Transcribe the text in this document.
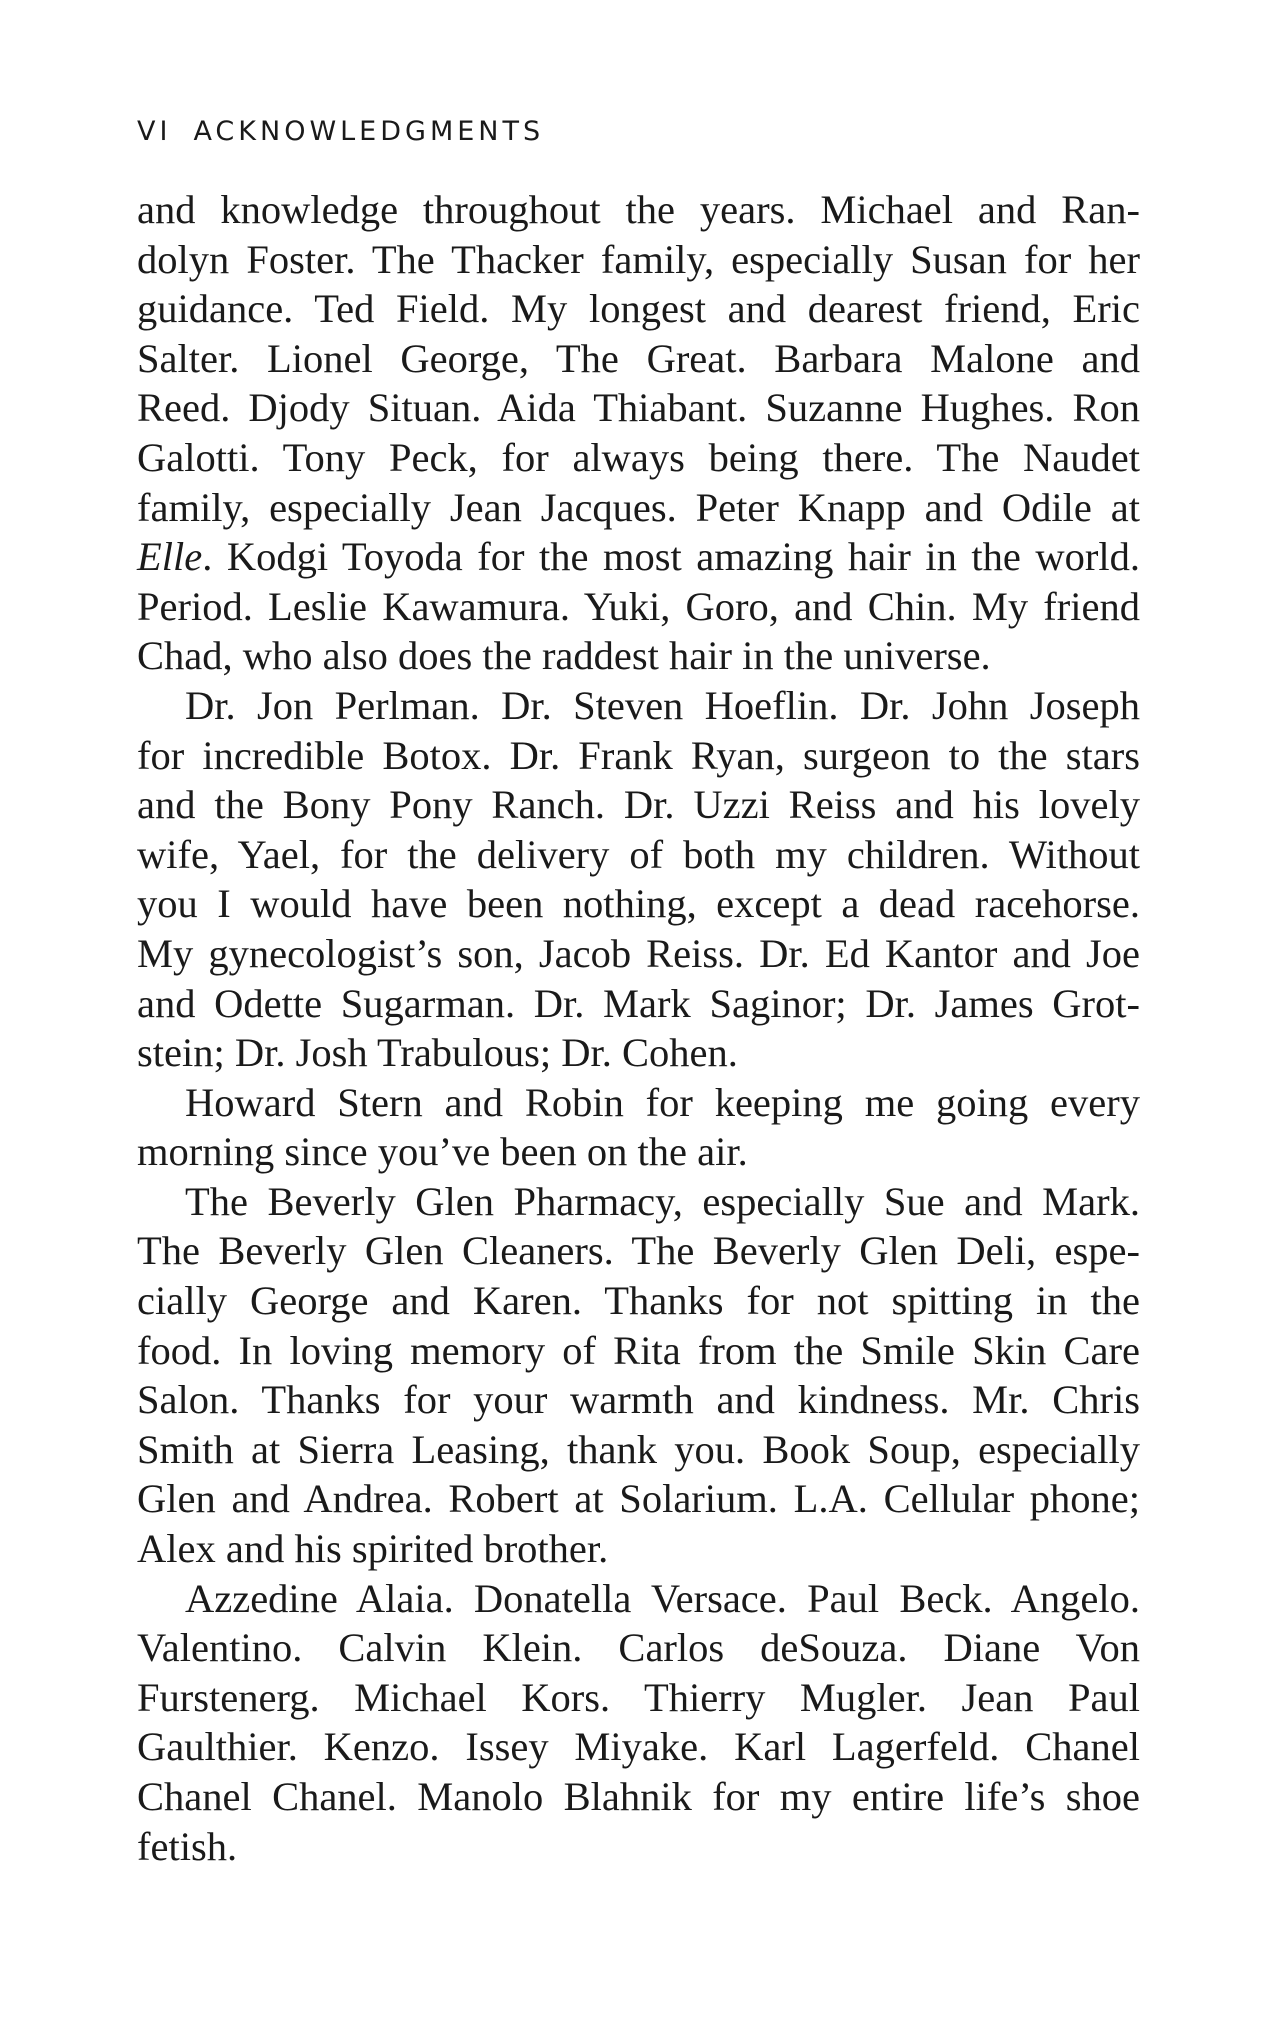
VI ACKNOWLEDGMENTS
and knowledge throughout the years. Michael and Ran-
dolyn Foster. The Thacker family, especially Susan for her
guidance. Ted Field. My longest and dearest friend, Eric
Salter. Lionel George, The Great. Barbara Malone and
Reed. Djody Situan. Aida Thiabant. Suzanne Hughes. Ron
Galotti. Tony Peck, for always being there. The Naudet
family, especially Jean Jacques. Peter Knapp and Odile at
Elle. Kodgi Toyoda for the most amazing hair in the world.
Period. Leslie Kawamura. Yuki, Goro, and Chin. My friend
Chad, who also does the raddest hair in the universe.
Dr. Jon Perlman. Dr. Steven Hoeflin. Dr. John Joseph
for incredible Botox. Dr. Frank Ryan, surgeon to the stars
and the Bony Pony Ranch. Dr. Uzzi Reiss and his lovely
wife, Yael, for the delivery of both my children. Without
you I would have been nothing, except a dead racehorse.
My gynecologist’s son, Jacob Reiss. Dr. Ed Kantor and Joe
and Odette Sugarman. Dr. Mark Saginor; Dr. James Grot-
stein; Dr. Josh Trabulous; Dr. Cohen.
Howard Stern and Robin for keeping me going every
morning since you’ve been on the air.
The Beverly Glen Pharmacy, especially Sue and Mark.
The Beverly Glen Cleaners. The Beverly Glen Deli, espe-
cially George and Karen. Thanks for not spitting in the
food. In loving memory of Rita from the Smile Skin Care
Salon. Thanks for your warmth and kindness. Mr. Chris
Smith at Sierra Leasing, thank you. Book Soup, especially
Glen and Andrea. Robert at Solarium. L.A. Cellular phone;
Alex and his spirited brother.
Azzedine Alaia. Donatella Versace. Paul Beck. Angelo.
Valentino. Calvin Klein. Carlos deSouza. Diane Von
Furstenerg. Michael Kors. Thierry Mugler. Jean Paul
Gaulthier. Kenzo. Issey Miyake. Karl Lagerfeld. Chanel
Chanel Chanel. Manolo Blahnik for my entire life’s shoe
fetish.
